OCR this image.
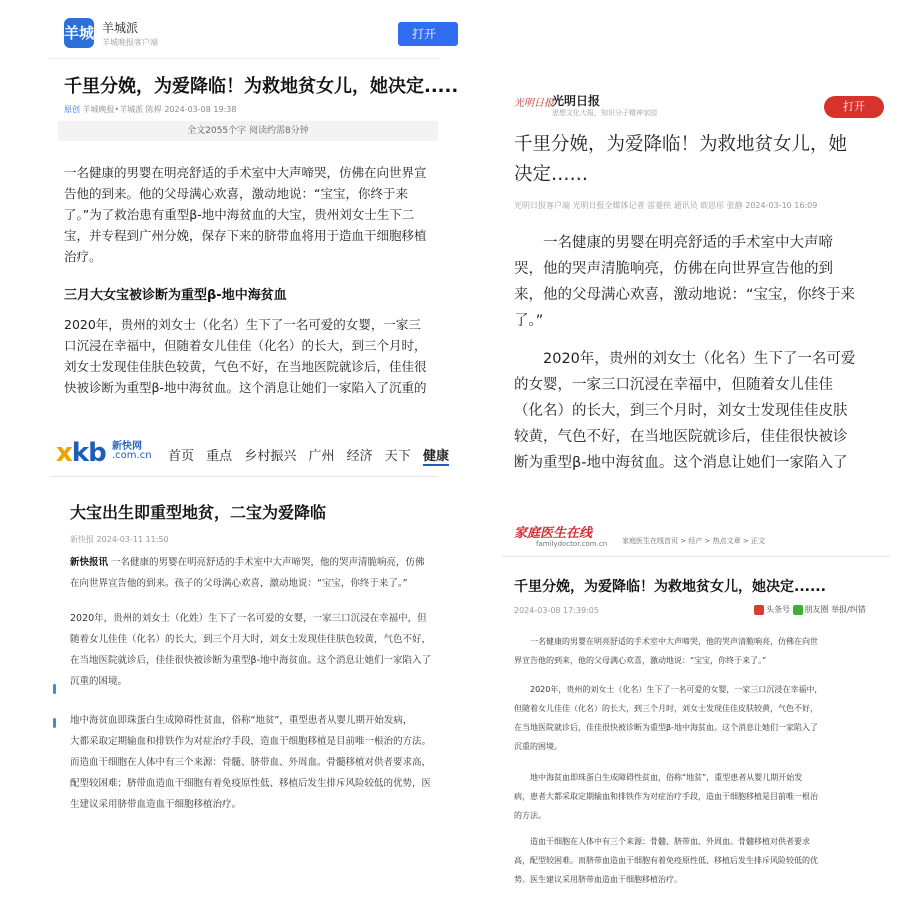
羊城 羊城派
羊城晚报客户端
打开
千里分娩，为爱降临！为救地贫女儿，她决定.....
原创 羊城晚报•羊城派 陈桿 2024-03-08 19:38
全文2055个字 阅读约需8分钟
一名健康的男婴在明亮舒适的手术室中大声啼哭，仿佛在向世界宣
告他的到来。他的父母满心欢喜，激动地说：“宝宝，你终于来
了。”为了救治患有重型β-地中海贫血的大宝，贵州刘女士生下二
宝，并专程到广州分娩，保存下来的脐带血将用于造血干细胞移植
治疗。
三月大女宝被诊断为重型β-地中海贫血
2020年，贵州的刘女士（化名）生下了一名可爱的女婴，一家三
口沉浸在幸福中，但随着女儿佳佳（化名）的长大，到三个月时，
刘女士发现佳佳肤色较黄，气色不好，在当地医院就诊后，佳佳很
快被诊断为重型β-地中海贫血。这个消息让她们一家陷入了沉重的
xkb 新快网
.com.cn 首页 重点 乡村振兴 广州 经济 天下 健康
大宝出生即重型地贫，二宝为爱降临
新快报 2024-03-11 11:50
新快报讯 一名健康的男婴在明亮舒适的手术室中大声啼哭，他的哭声清脆响亮，仿佛
在向世界宣告他的到来。孩子的父母满心欢喜，激动地说：“宝宝，你终于来了。”
2020年，贵州的刘女士（化姓）生下了一名可爱的女婴，一家三口沉浸在幸福中，但
随着女儿佳佳（化名）的长大，到三个月大时，刘女士发现佳佳肤色较黄，气色不好，
在当地医院就诊后，佳佳很快被诊断为重型β-地中海贫血。这个消息让她们一家陷入了
沉重的困境。
地中海贫血即珠蛋白生成障碍性贫血，俗称“地贫”，重型患者从婴儿期开始发病，
大都采取定期输血和排铁作为对症治疗手段，造血干细胞移植是目前唯一根治的方法。
而造血干细胞在人体中有三个来源：骨髓、脐带血、外周血。骨髓移植对供者要求高，
配型较困难；脐带血造血干细胞有着免疫原性低、移植后发生排斥风险较低的优势，医
生建议采用脐带血造血干细胞移植治疗。
光明日报
光明日报
思想文化大报，知识分子精神家园	打开
千里分娩，为爱降临！为救地贫女儿，她
决定……
光明日报客户端 光明日报全媒体记者 雷菱侠 通讯员 欧思彤 张静 2024-03-10 16:09
　　一名健康的男婴在明亮舒适的手术室中大声啼
哭，他的哭声清脆响亮，仿佛在向世界宣告他的到
来，他的父母满心欢喜，激动地说：“宝宝，你终于来
了。”
　　2020年，贵州的刘女士（化名）生下了一名可爱
的女婴，一家三口沉浸在幸福中，但随着女儿佳佳
（化名）的长大，到三个月时，刘女士发现佳佳皮肤
较黄，气色不好，在当地医院就诊后，佳佳很快被诊
断为重型β-地中海贫血。这个消息让她们一家陷入了
家庭医生在线
familydoctor.com.cn 家庭医生在线首页 > 经产 > 热点文章 > 正文
千里分娩，为爱降临！为救地贫女儿，她决定......
2024-03-08 17:39:05	头条号 朋友圈 举报/纠错
　　一名健康的男婴在明亮舒适的手术室中大声啼哭，他的哭声清脆响亮，仿佛在向世
界宣告他的到来，他的父母满心欢喜，激动地说：“宝宝，你终于来了。”
　　2020年，贵州的刘女士（化名）生下了一名可爱的女婴，一家三口沉浸在幸福中，
但随着女儿佳佳（化名）的长大，到三个月时，刘女士发现佳佳皮肤较黄，气色不好，
在当地医院就诊后，佳佳很快被诊断为重型β-地中海贫血。这个消息让她们一家陷入了
沉重的困境。
　　地中海贫血即珠蛋白生成障碍性贫血，俗称“地贫”，重型患者从婴儿期开始发
病，患者大都采取定期输血和排铁作为对症治疗手段，造血干细胞移植是目前唯一根治
的方法。
　　造血干细胞在人体中有三个来源：骨髓、脐带血、外周血。骨髓移植对供者要求
高，配型较困难。而脐带血造血干细胞有着免疫原性低、移植后发生排斥风险较低的优
势。医生建议采用脐带血造血干细胞移植治疗。
